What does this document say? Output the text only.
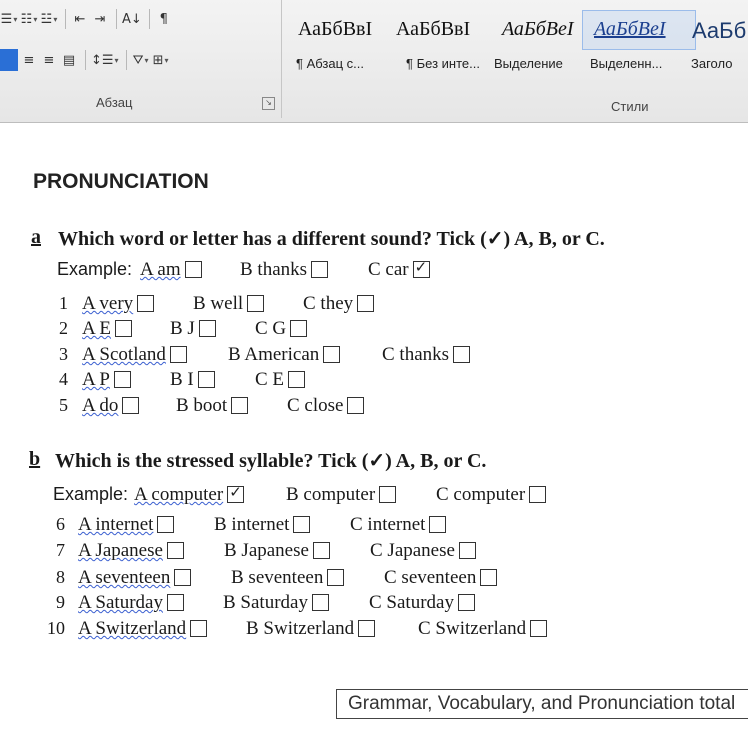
☰ ▾ ☷ ▾ ☳ ▾ ⇤ ⇥ A↓	¶
≡ ≡ ▤ ↕☰ ▾ ⛛ ▾ ⊞ ▾
Абзац	↘
АаБбВвI АаБбВвI АаБбВеI АаБбВеI АаБб
¶ Абзац с...	¶ Без инте... Выделение Выделенн... Заголо
Стили
PRONUNCIATION
a Which word or letter has a different sound? Tick (✓) A, B, or C.
Example: A am	B thanks	C car✓
1 A very	B well	C they
2 A E	B J	C G
3 A Scotland	B American	C thanks
4 A P	B I	C E
5 A do	B boot	C close
b Which is the stressed syllable? Tick (✓) A, B, or C.
Example: A computer✓	B computer	C computer
6 A internet	B internet	C internet
7 A Japanese	B Japanese	C Japanese
8 A seventeen	B seventeen	C seventeen
9 A Saturday	B Saturday	C Saturday
10 A Switzerland	B Switzerland	C Switzerland
Grammar, Vocabulary, and Pronunciation total
